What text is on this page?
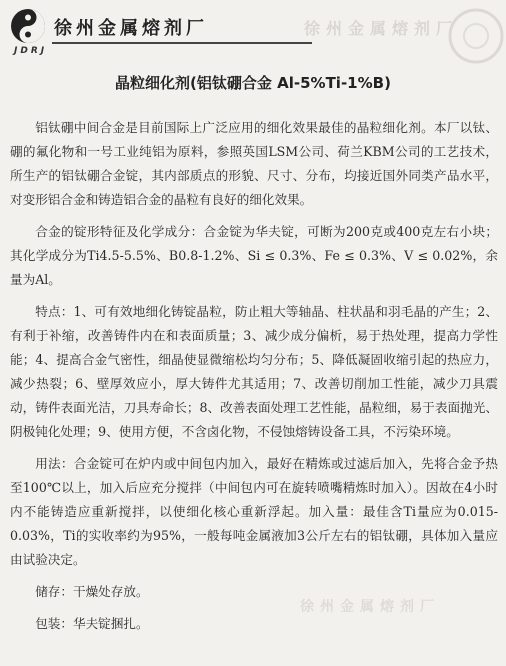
徐州金属熔剂厂
JDRJ
徐州金属熔剂厂
晶粒细化剂(铝钛硼合金 Al-5%Ti-1%B)

铝钛硼中间合金是目前国际上广泛应用的细化效果最佳的晶粒细化剂。本厂以钛、硼的氟化物和一号工业纯铝为原料，参照英国LSM公司、荷兰KBM公司的工艺技术，所生产的铝钛硼合金锭，其内部质点的形貌、尺寸、分布，均接近国外同类产品水平，对变形铝合金和铸造铝合金的晶粒有良好的细化效果。

合金的锭形特征及化学成分：合金锭为华夫锭，可断为200克或400克左右小块；其化学成分为Ti4.5-5.5%、B0.8-1.2%、Si ≤ 0.3%、Fe ≤ 0.3%、V ≤ 0.02%，余量为Al。

特点：1、可有效地细化铸锭晶粒，防止粗大等轴晶、柱状晶和羽毛晶的产生；2、有利于补缩，改善铸件内在和表面质量；3、减少成分偏析，易于热处理，提高力学性能；4、提高合金气密性，细晶使显微缩松均匀分布；5、降低凝固收缩引起的热应力，减少热裂；6、壁厚效应小，厚大铸件尤其适用；7、改善切削加工性能，减少刀具震动，铸件表面光洁，刀具寿命长；8、改善表面处理工艺性能，晶粒细，易于表面抛光、阴极钝化处理；9、使用方便，不含卤化物，不侵蚀熔铸设备工具，不污染环境。

用法：合金锭可在炉内或中间包内加入，最好在精炼或过滤后加入，先将合金予热至100℃以上，加入后应充分搅拌（中间包内可在旋转喷嘴精炼时加入）。因故在4小时内不能铸造应重新搅拌，以使细化核心重新浮起。加入量：最佳含Ti量应为0.015-0.03%，Ti的实收率约为95%，一般每吨金属液加3公斤左右的铝钛硼，具体加入量应由试验决定。

储存：干燥处存放。

包装：华夫锭捆扎。

徐州金属熔剂厂
